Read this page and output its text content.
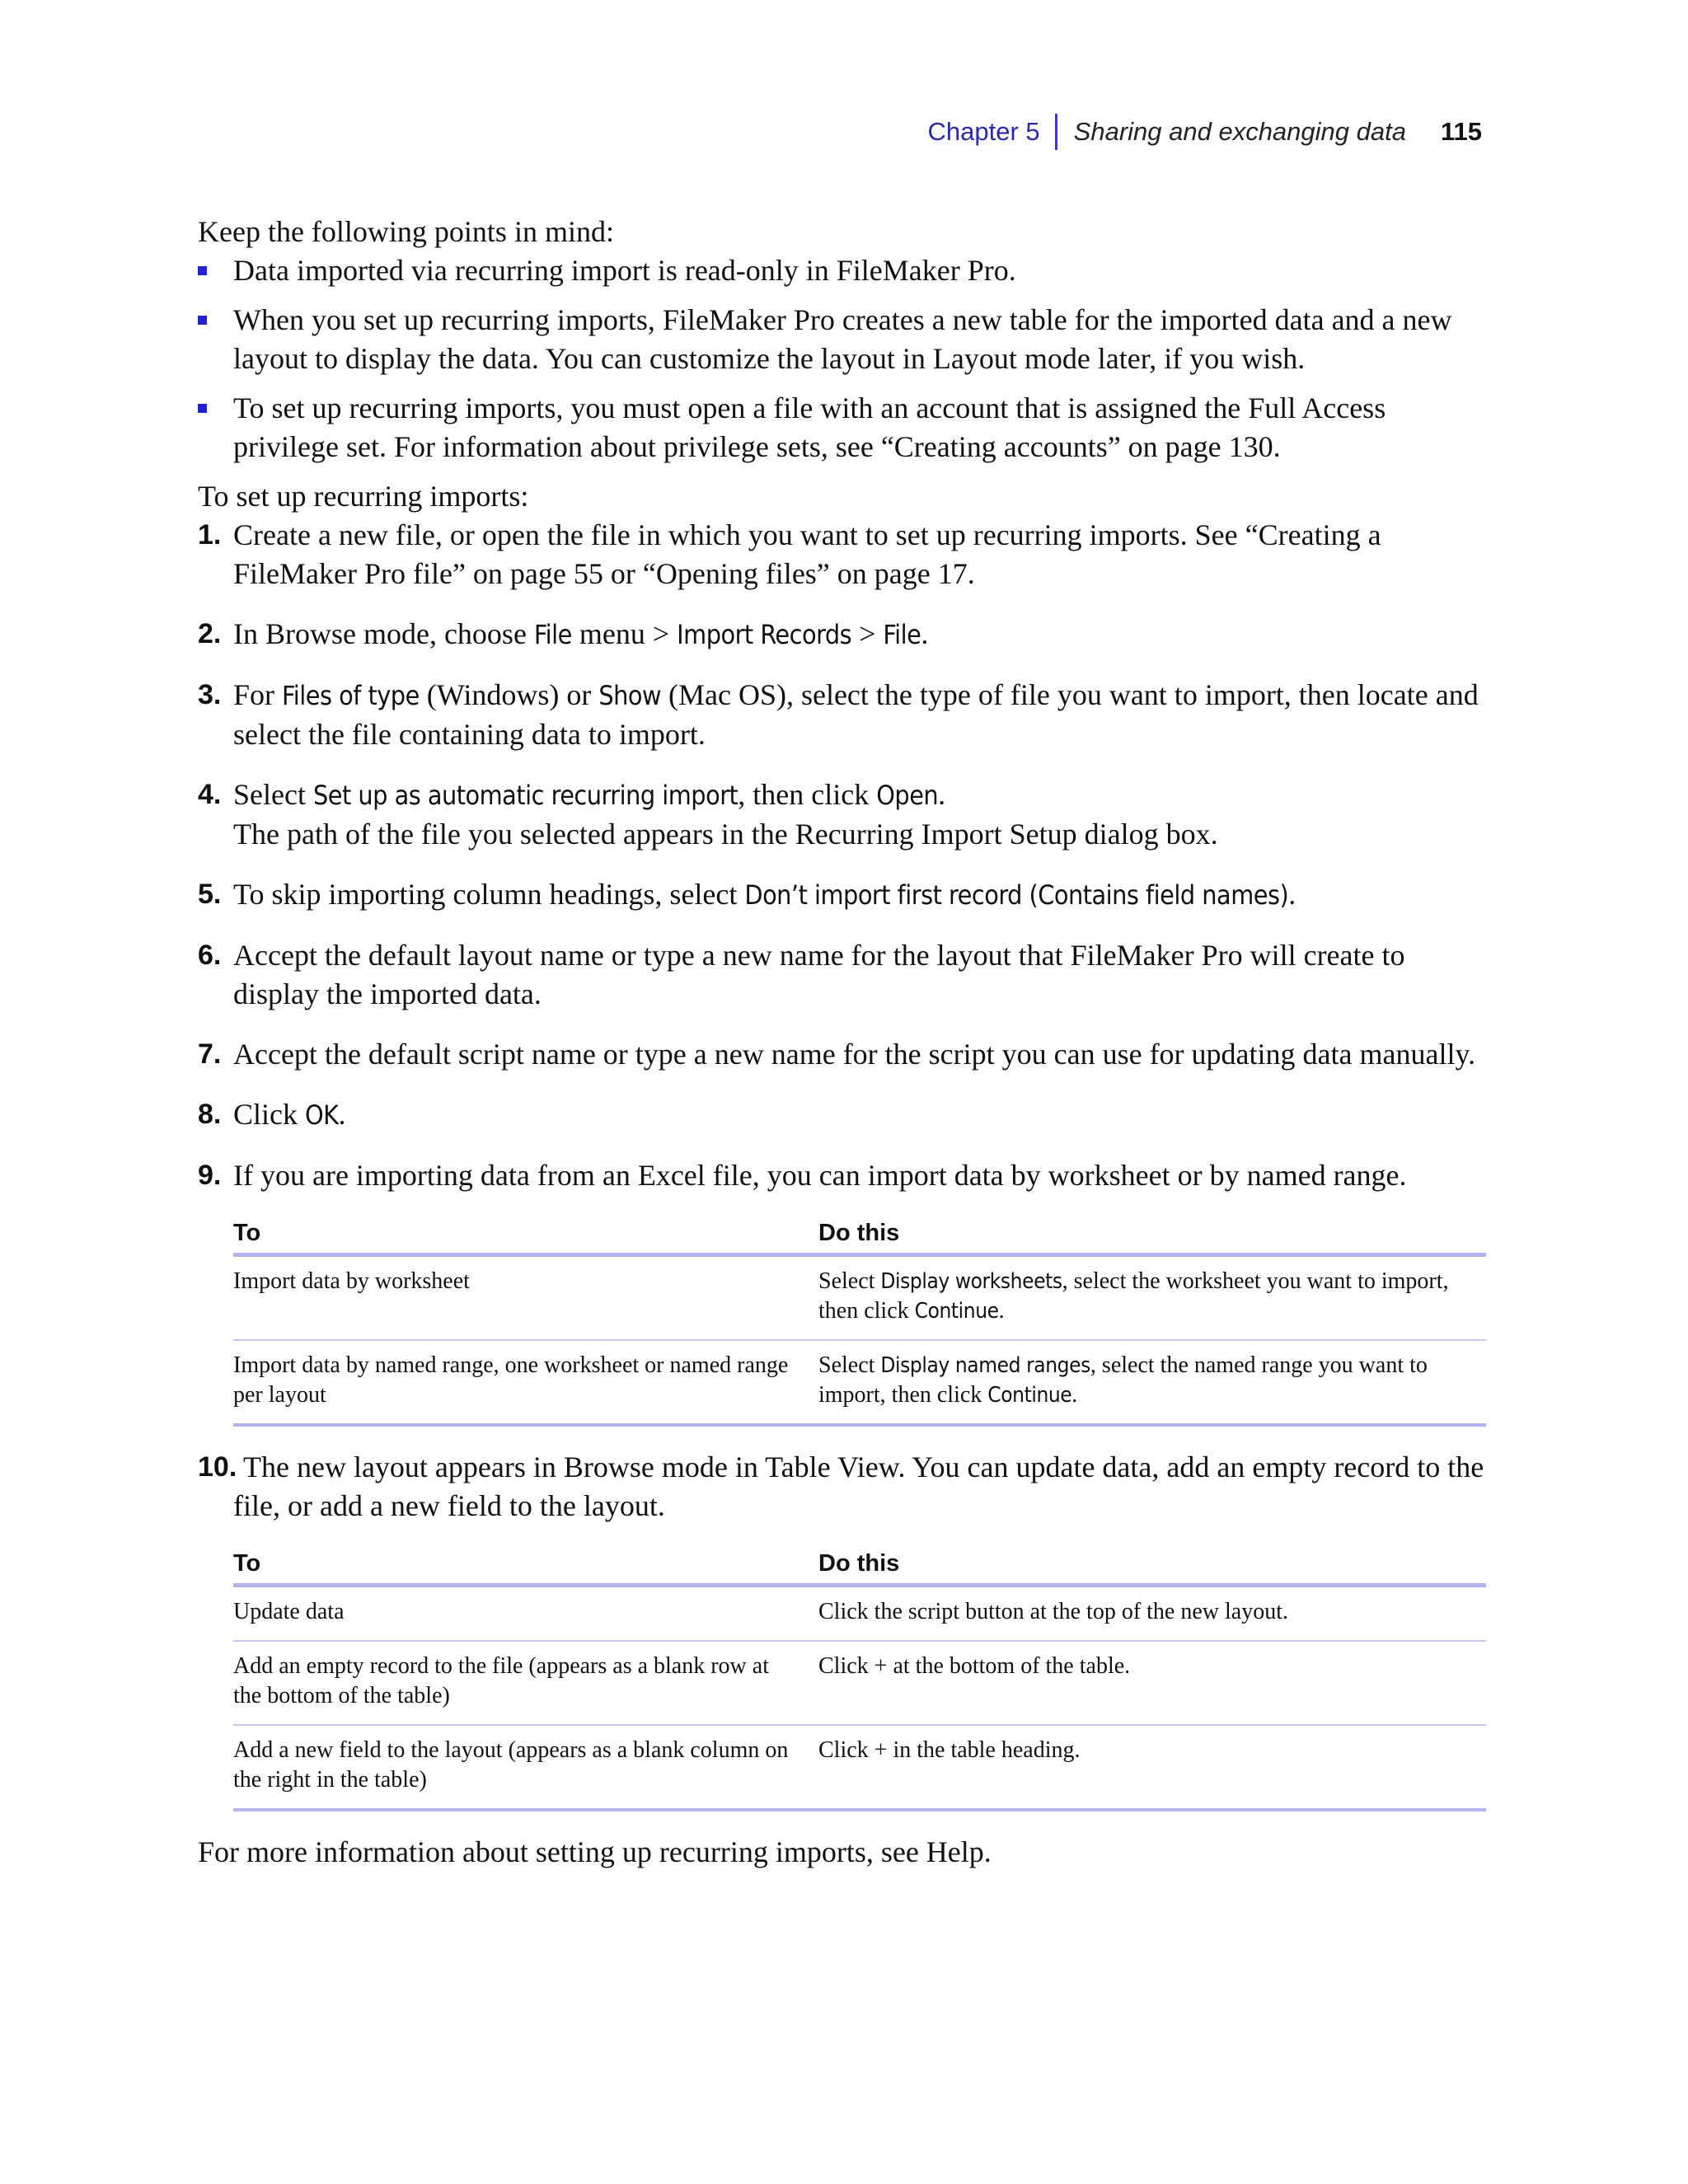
Chapter 5 Sharing and exchanging data 115

Keep the following points in mind:

Data imported via recurring import is read-only in FileMaker Pro.
When you set up recurring imports, FileMaker Pro creates a new table for the imported data and a new layout to display the data. You can customize the layout in Layout mode later, if you wish.
To set up recurring imports, you must open a file with an account that is assigned the Full Access privilege set. For information about privilege sets, see “Creating accounts” on page 130.

To set up recurring imports:

1. Create a new file, or open the file in which you want to set up recurring imports. See “Creating a FileMaker Pro file” on page 55 or “Opening files” on page 17.
2. In Browse mode, choose File menu > Import Records > File.
3. For Files of type (Windows) or Show (Mac OS), select the type of file you want to import, then locate and select the file containing data to import.
4. Select Set up as automatic recurring import, then click Open.

The path of the file you selected appears in the Recurring Import Setup dialog box.

5. To skip importing column headings, select Don’t import first record (Contains field names).
6. Accept the default layout name or type a new name for the layout that FileMaker Pro will create to display the imported data.
7. Accept the default script name or type a new name for the script you can use for updating data manually.
8. Click OK.
9. If you are importing data from an Excel file, you can import data by worksheet or by named range.
To	Do this
Import data by worksheet	Select Display worksheets, select the worksheet you want to import, then click Continue.
Import data by named range, one worksheet or named range per layout	Select Display named ranges, select the named range you want to import, then click Continue.
10. The new layout appears in Browse mode in Table View. You can update data, add an empty record to the file, or add a new field to the layout.
To	Do this
Update data	Click the script button at the top of the new layout.
Add an empty record to the file (appears as a blank row at the bottom of the table)	Click + at the bottom of the table.
Add a new field to the layout (appears as a blank column on the right in the table)	Click + in the table heading.

For more information about setting up recurring imports, see Help.
